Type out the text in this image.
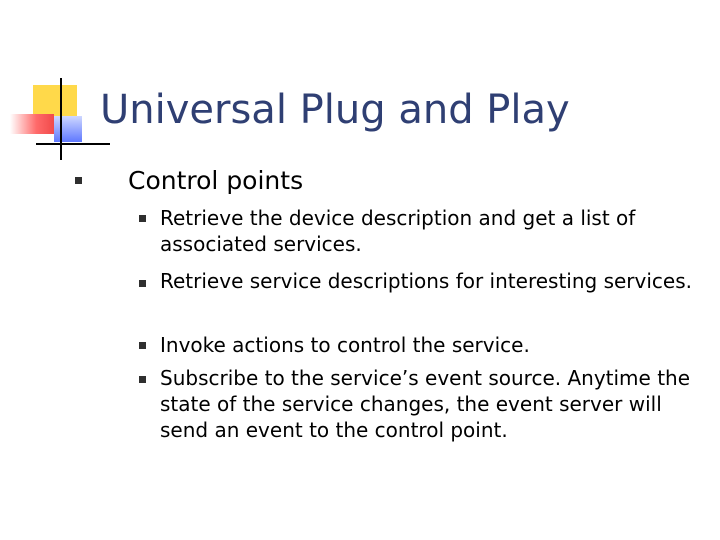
Universal Plug and Play
Control points
Retrieve the device description and get a list of associated services.
Retrieve service descriptions for interesting services.
Invoke actions to control the service.
Subscribe to the service’s event source. Anytime the state of the service changes, the event server will send an event to the control point.
